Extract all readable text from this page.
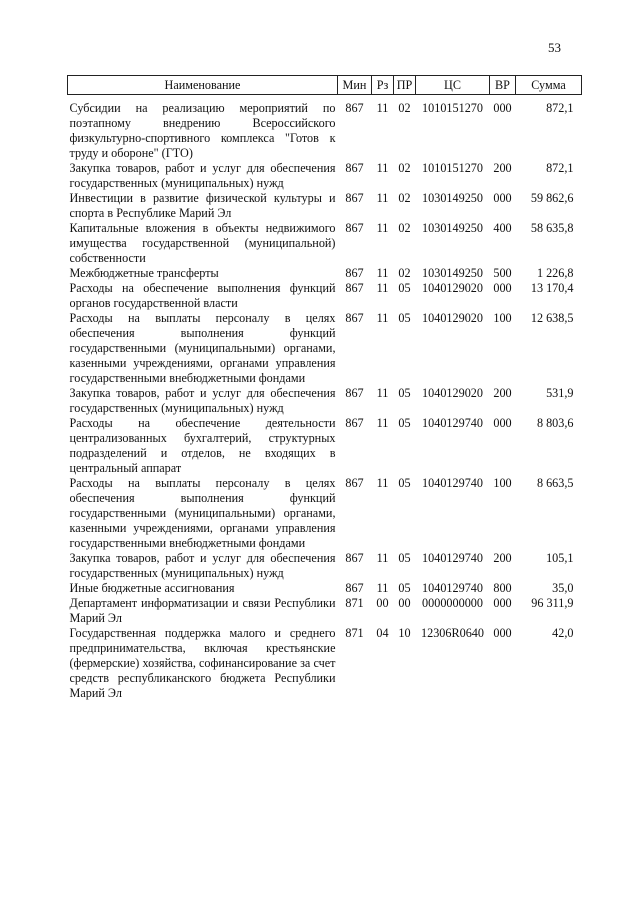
53
Наименование	Мин	Рз	ПР	ЦС	ВР	Сумма

Субсидии на реализацию мероприятий по поэтапному внедрению Всероссийского физкультурно-спортивного комплекса "Готов к труду и обороне" (ГТО)	867	11	02	1010151270	000	872,1
Закупка товаров, работ и услуг для обеспечения государственных (муниципальных) нужд	867	11	02	1010151270	200	872,1
Инвестиции в развитие физической культуры и спорта в Республике Марий Эл	867	11	02	1030149250	000	59 862,6
Капитальные вложения в объекты недвижимого имущества государственной (муниципальной) собственности	867	11	02	1030149250	400	58 635,8
Межбюджетные трансферты	867	11	02	1030149250	500	1 226,8
Расходы на обеспечение выполнения функций органов государственной власти	867	11	05	1040129020	000	13 170,4
Расходы на выплаты персоналу в целях обеспечения выполнения функций государственными (муниципальными) органами, казенными учреждениями, органами управления государственными внебюджетными фондами	867	11	05	1040129020	100	12 638,5
Закупка товаров, работ и услуг для обеспечения государственных (муниципальных) нужд	867	11	05	1040129020	200	531,9
Расходы на обеспечение деятельности централизованных бухгалтерий, структурных подразделений и отделов, не входящих в центральный аппарат	867	11	05	1040129740	000	8 803,6
Расходы на выплаты персоналу в целях обеспечения выполнения функций государственными (муниципальными) органами, казенными учреждениями, органами управления государственными внебюджетными фондами	867	11	05	1040129740	100	8 663,5
Закупка товаров, работ и услуг для обеспечения государственных (муниципальных) нужд	867	11	05	1040129740	200	105,1
Иные бюджетные ассигнования	867	11	05	1040129740	800	35,0
Департамент информатизации и связи Республики Марий Эл	871	00	00	0000000000	000	96 311,9
Государственная поддержка малого и среднего предпринимательства, включая крестьянские (фермерские) хозяйства, софинансирование за счет средств республиканского бюджета Республики Марий Эл	871	04	10	12306R0640	000	42,0
